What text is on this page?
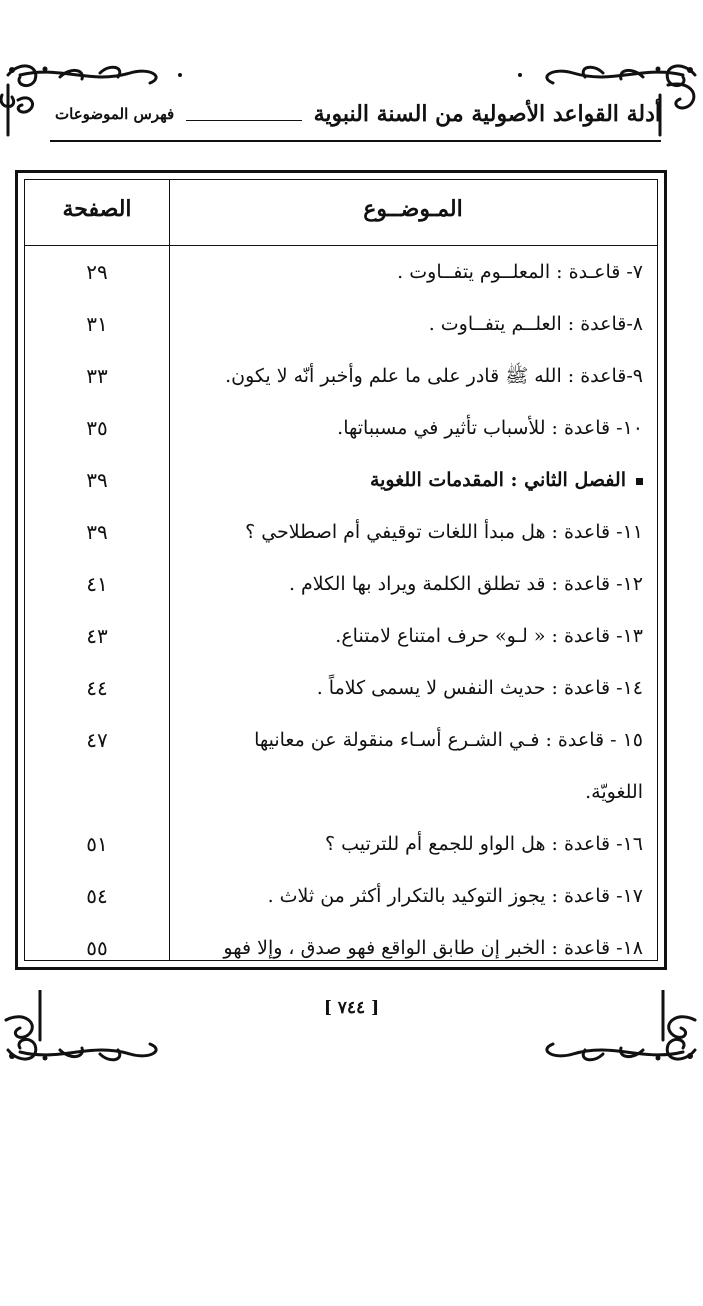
أدلة القواعد الأصولية من السنة النبوية
فهرس الموضوعات
المـوضــوع
الصفحة
٧- قاعـدة : المعلــوم يتفــاوت .
٢٩
٨-قاعدة : العلــم يتفــاوت .
٣١
٩-قاعدة : الله ﷺ قادر على ما علم وأخبر أنّه لا يكون.
٣٣
١٠- قاعدة : للأسباب تأثير في مسبباتها.
٣٥
الفصل الثاني : المقدمات اللغوية
٣٩
١١- قاعدة : هل مبدأ اللغات توقيفي أم اصطلاحي ؟
٣٩
١٢- قاعدة : قد تطلق الكلمة ويراد بها الكلام .
٤١
١٣- قاعدة : « لـو» حرف امتناع لامتناع.
٤٣
١٤- قاعدة : حديث النفس لا يسمى كلاماً .
٤٤
١٥ - قاعدة : فـي الشـرع أسـاء منقولة عن معانيها
٤٧
اللغويّة.
١٦- قاعدة : هل الواو للجمع أم للترتيب ؟
٥١
١٧- قاعدة : يجوز التوكيد بالتكرار أكثر من ثلاث .
٥٤
١٨- قاعدة : الخبر إن طابق الواقع فهو صدق ، وإلا فهو
٥٥
[ ٧٤٤ ]
